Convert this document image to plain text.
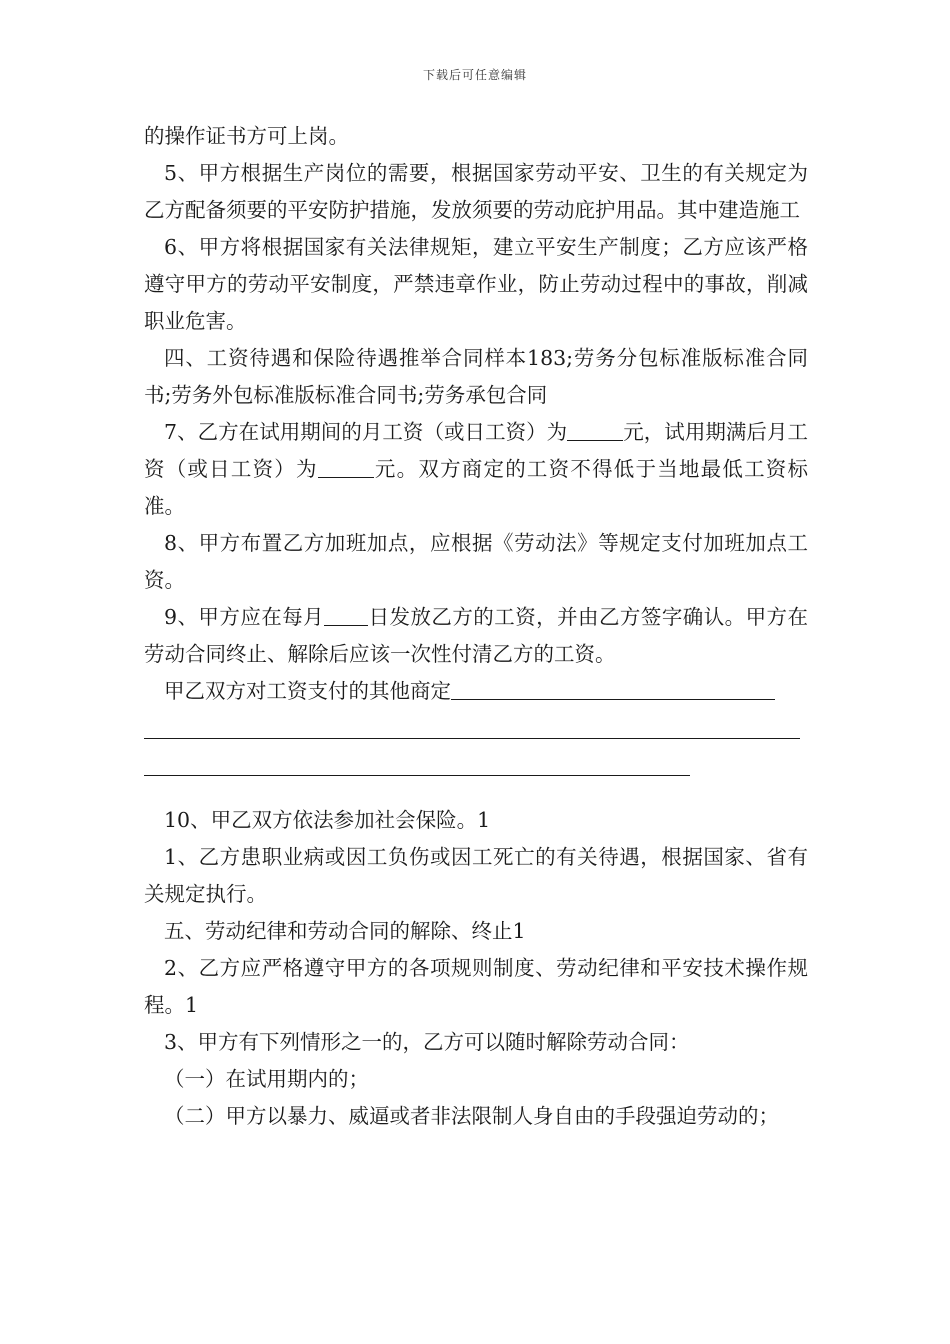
下载后可任意编辑

的操作证书方可上岗。

5、甲方根据生产岗位的需要，根据国家劳动平安、卫生的有关规定为乙方配备须要的平安防护措施，发放须要的劳动庇护用品。其中建造施工

6、甲方将根据国家有关法律规矩，建立平安生产制度；乙方应该严格遵守甲方的劳动平安制度，严禁违章作业，防止劳动过程中的事故，削减职业危害。

四、工资待遇和保险待遇推举合同样本183;劳务分包标准版标准合同书;劳务外包标准版标准合同书;劳务承包合同

7、乙方在试用期间的月工资（或日工资）为	元，试用期满后月工资（或日工资）为	元。双方商定的工资不得低于当地最低工资标准。

8、甲方布置乙方加班加点，应根据《劳动法》等规定支付加班加点工资。

9、甲方应在每月 日发放乙方的工资，并由乙方签字确认。甲方在劳动合同终止、解除后应该一次性付清乙方的工资。

甲乙双方对工资支付的其他商定

10、甲乙双方依法参加社会保险。1

1、乙方患职业病或因工负伤或因工死亡的有关待遇，根据国家、省有关规定执行。

五、劳动纪律和劳动合同的解除、终止1

2、乙方应严格遵守甲方的各项规则制度、劳动纪律和平安技术操作规程。1

3、甲方有下列情形之一的，乙方可以随时解除劳动合同：

（一）在试用期内的；

（二）甲方以暴力、威逼或者非法限制人身自由的手段强迫劳动的；
